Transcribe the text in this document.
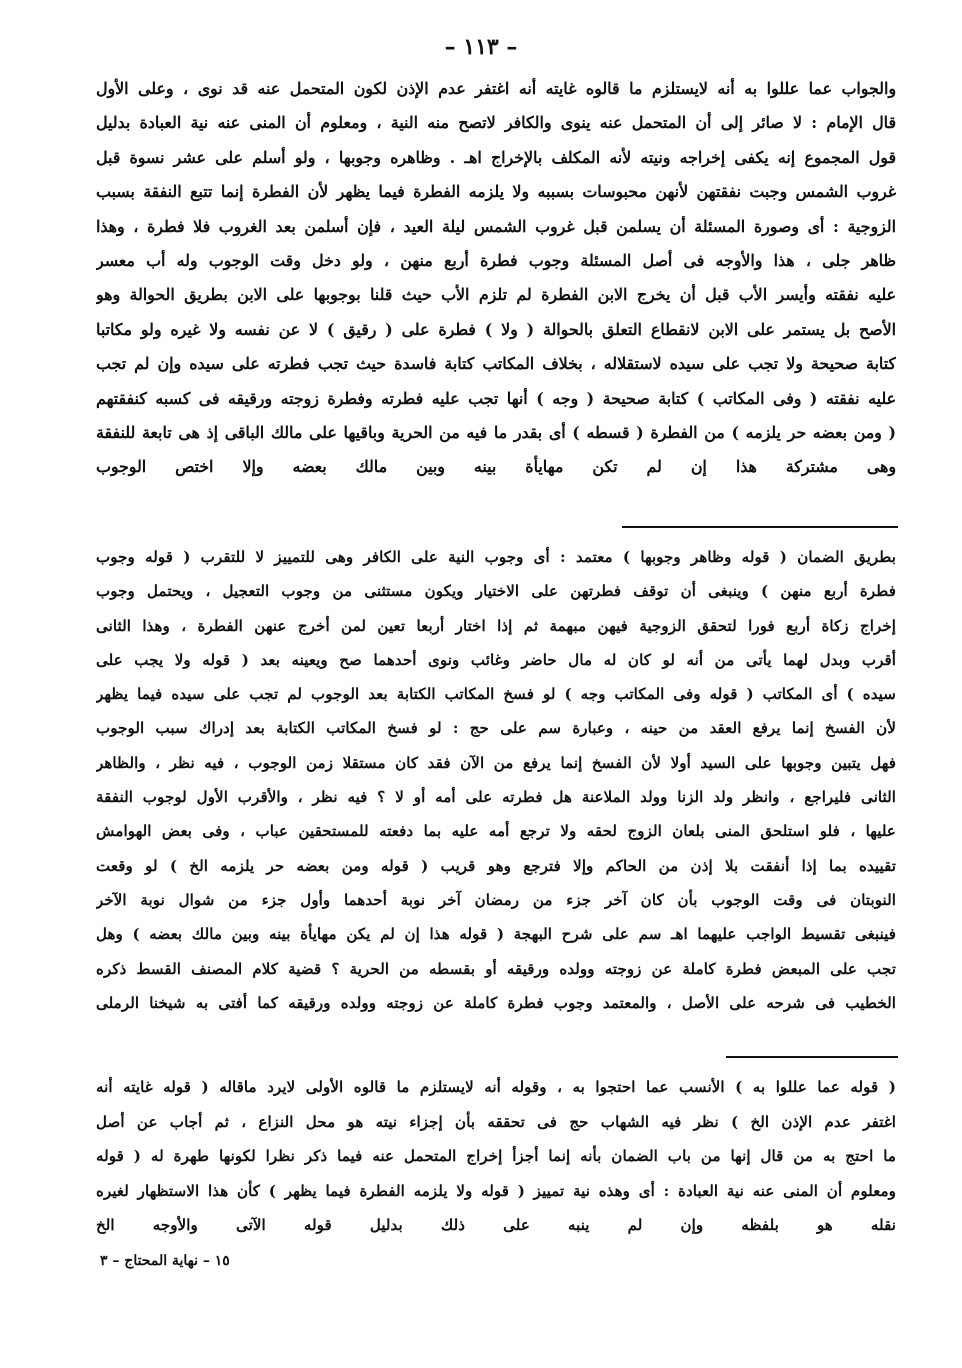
– ١١٣ –
والجواب عما عللوا به أنه لايستلزم ما قالوه غايته أنه اغتفر عدم الإذن لكون المتحمل عنه قد نوى ، وعلى الأول
قال الإمام : لا صائر إلى أن المتحمل عنه ينوى والكافر لاتصح منه النية ، ومعلوم أن المنى عنه نية العبادة بدليل
قول المجموع إنه يكفى إخراجه ونيته لأنه المكلف بالإخراج اهـ . وظاهره وجوبها ، ولو أسلم على عشر نسوة قبل
غروب الشمس وجبت نفقتهن لأنهن محبوسات بسببه ولا يلزمه الفطرة فيما يظهر لأن الفطرة إنما تتبع النفقة بسبب
الزوجية : أى وصورة المسئلة أن يسلمن قبل غروب الشمس ليلة العيد ، فإن أسلمن بعد الغروب فلا فطرة ، وهذا
ظاهر جلى ، هذا والأوجه فى أصل المسئلة وجوب فطرة أربع منهن ، ولو دخل وقت الوجوب وله أب معسر
عليه نفقته وأيسر الأب قبل أن يخرج الابن الفطرة لم تلزم الأب حيث قلنا بوجوبها على الابن بطريق الحوالة وهو
الأصح بل يستمر على الابن لانقطاع التعلق بالحوالة ( ولا ) فطرة على ( رقيق ) لا عن نفسه ولا غيره ولو مكاتبا
كتابة صحيحة ولا تجب على سيده لاستقلاله ، بخلاف المكاتب كتابة فاسدة حيث تجب فطرته على سيده وإن لم تجب
عليه نفقته ( وفى المكاتب ) كتابة صحيحة ( وجه ) أنها تجب عليه فطرته وفطرة زوجته ورقيقه فى كسبه كنفقتهم
( ومن بعضه حر يلزمه ) من الفطرة ( قسطه ) أى بقدر ما فيه من الحرية وباقيها على مالك الباقى إذ هى تابعة للنفقة
وهى مشتركة هذا إن لم تكن مهايأة بينه وبين مالك بعضه وإلا اختص الوجوب
بطريق الضمان ( قوله وظاهر وجوبها ) معتمد : أى وجوب النية على الكافر وهى للتمييز لا للتقرب ( قوله وجوب
فطرة أربع منهن ) وينبغى أن توقف فطرتهن على الاختيار ويكون مستثنى من وجوب التعجيل ، ويحتمل وجوب
إخراج زكاة أربع فورا لتحقق الزوجية فيهن مبهمة ثم إذا اختار أربعا تعين لمن أخرج عنهن الفطرة ، وهذا الثانى
أقرب وبدل لهما يأتى من أنه لو كان له مال حاضر وغائب ونوى أحدهما صح ويعينه بعد ( قوله ولا يجب على
سيده ) أى المكاتب ( قوله وفى المكاتب وجه ) لو فسخ المكاتب الكتابة بعد الوجوب لم تجب على سيده فيما يظهر
لأن الفسخ إنما يرفع العقد من حينه ، وعبارة سم على حج : لو فسخ المكاتب الكتابة بعد إدراك سبب الوجوب
فهل يتبين وجوبها على السيد أولا لأن الفسخ إنما يرفع من الآن فقد كان مستقلا زمن الوجوب ، فيه نظر ، والظاهر
الثانى فليراجع ، وانظر ولد الزنا وولد الملاعنة هل فطرته على أمه أو لا ؟ فيه نظر ، والأقرب الأول لوجوب النفقة
عليها ، فلو استلحق المنى بلعان الزوج لحقه ولا ترجع أمه عليه بما دفعته للمستحقين عباب ، وفى بعض الهوامش
تقييده بما إذا أنفقت بلا إذن من الحاكم وإلا فترجع وهو قريب ( قوله ومن بعضه حر يلزمه الخ ) لو وقعت
النوبتان فى وقت الوجوب بأن كان آخر جزء من رمضان آخر نوبة أحدهما وأول جزء من شوال نوبة الآخر
فينبغى تقسيط الواجب عليهما اهـ سم على شرح البهجة ( قوله هذا إن لم يكن مهايأة بينه وبين مالك بعضه ) وهل
تجب على المبعض فطرة كاملة عن زوجته وولده ورقيقه أو بقسطه من الحرية ؟ قضية كلام المصنف القسط ذكره
الخطيب فى شرحه على الأصل ، والمعتمد وجوب فطرة كاملة عن زوجته وولده ورقيقه كما أفتى به شيخنا الرملى
( قوله عما عللوا به ) الأنسب عما احتجوا به ، وقوله أنه لايستلزم ما قالوه الأولى لايرد ماقاله ( قوله غايته أنه
اغتفر عدم الإذن الخ ) نظر فيه الشهاب حج فى تحققه بأن إجزاء نيته هو محل النزاع ، ثم أجاب عن أصل
ما احتج به من قال إنها من باب الضمان بأنه إنما أجزأ إخراج المتحمل عنه فيما ذكر نظرا لكونها طهرة له ( قوله
ومعلوم أن المنى عنه نية العبادة : أى وهذه نية تمييز ( قوله ولا يلزمه الفطرة فيما يظهر ) كأن هذا الاستظهار لغيره
نقله هو بلفظه وإن لم ينبه على ذلك بدليل قوله الآتى والأوجه الخ
١٥ – نهاية المحتاج – ٣
